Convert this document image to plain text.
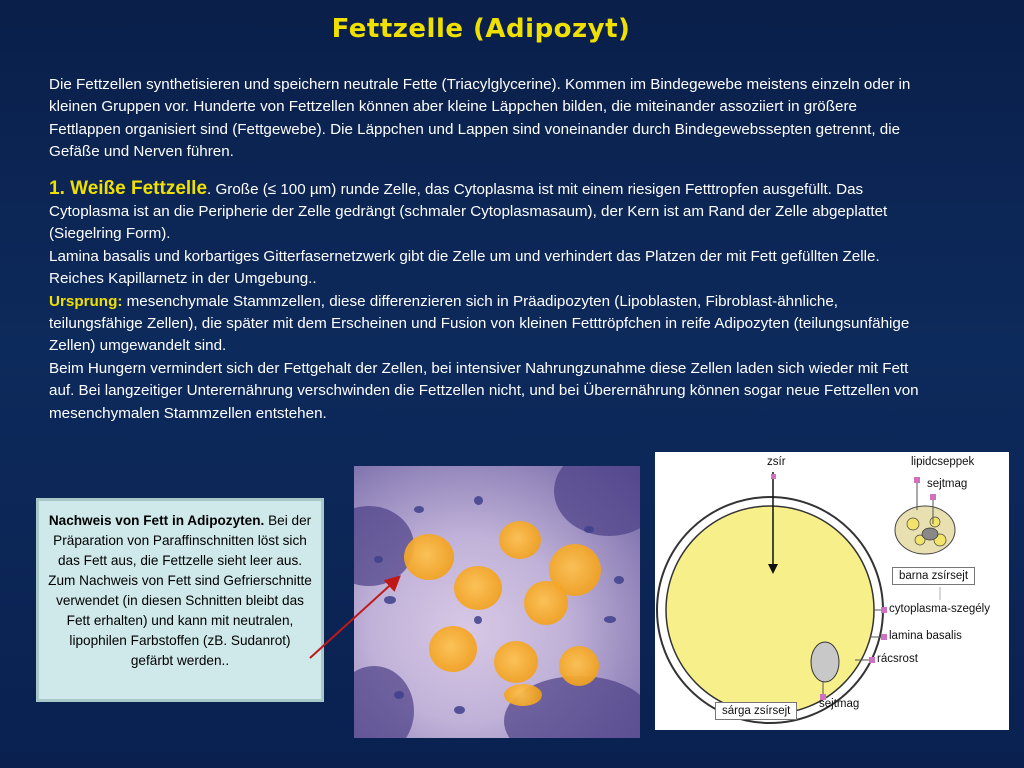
Fettzelle (Adipozyt)

Die Fettzellen synthetisieren und speichern neutrale Fette (Triacylglycerine). Kommen im Bindegewebe meistens einzeln oder in kleinen Gruppen vor. Hunderte von Fettzellen können aber kleine Läppchen bilden, die miteinander assoziiert in größere Fettlappen organisiert sind (Fettgewebe). Die Läppchen und Lappen sind voneinander durch Bindegewebssepten getrennt, die Gefäße und Nerven führen.

1. Weiße Fettzelle. Große (≤ 100 µm) runde Zelle, das Cytoplasma ist mit einem riesigen Fetttropfen ausgefüllt. Das Cytoplasma ist an die Peripherie der Zelle gedrängt (schmaler Cytoplasmasaum), der Kern ist am Rand der Zelle abgeplattet (Siegelring Form).

Lamina basalis und korbartiges Gitterfasernetzwerk gibt die Zelle um und verhindert das Platzen der mit Fett gefüllten Zelle.

Reiches Kapillarnetz in der Umgebung..

Ursprung: mesenchymale Stammzellen, diese differenzieren sich in Präadipozyten (Lipoblasten, Fibroblast-ähnliche, teilungsfähige Zellen), die später mit dem Erscheinen und Fusion von kleinen Fetttröpfchen in reife Adipozyten (teilungsunfähige Zellen) umgewandelt sind.

Beim Hungern vermindert sich der Fettgehalt der Zellen, bei intensiver Nahrungzunahme diese Zellen laden sich wieder mit Fett auf. Bei langzeitiger Unterernährung verschwinden die Fettzellen nicht, und bei Überernährung können sogar neue Fettzellen von mesenchymalen Stammzellen entstehen.

Nachweis von Fett in Adipozyten. Bei der Präparation von Paraffinschnitten löst sich das Fett aus, die Fettzelle sieht leer aus. Zum Nachweis von Fett sind Gefrierschnitte verwendet (in diesen Schnitten bleibt das Fett erhalten) und kann mit neutralen, lipophilen Farbstoffen (zB. Sudanrot) gefärbt werden..
zsír	lipidcseppek
sejtmag
barna zsírsejt
cytoplasma-szegély
lamina basalis
rácsrost
sejtmag
sárga zsírsejt
